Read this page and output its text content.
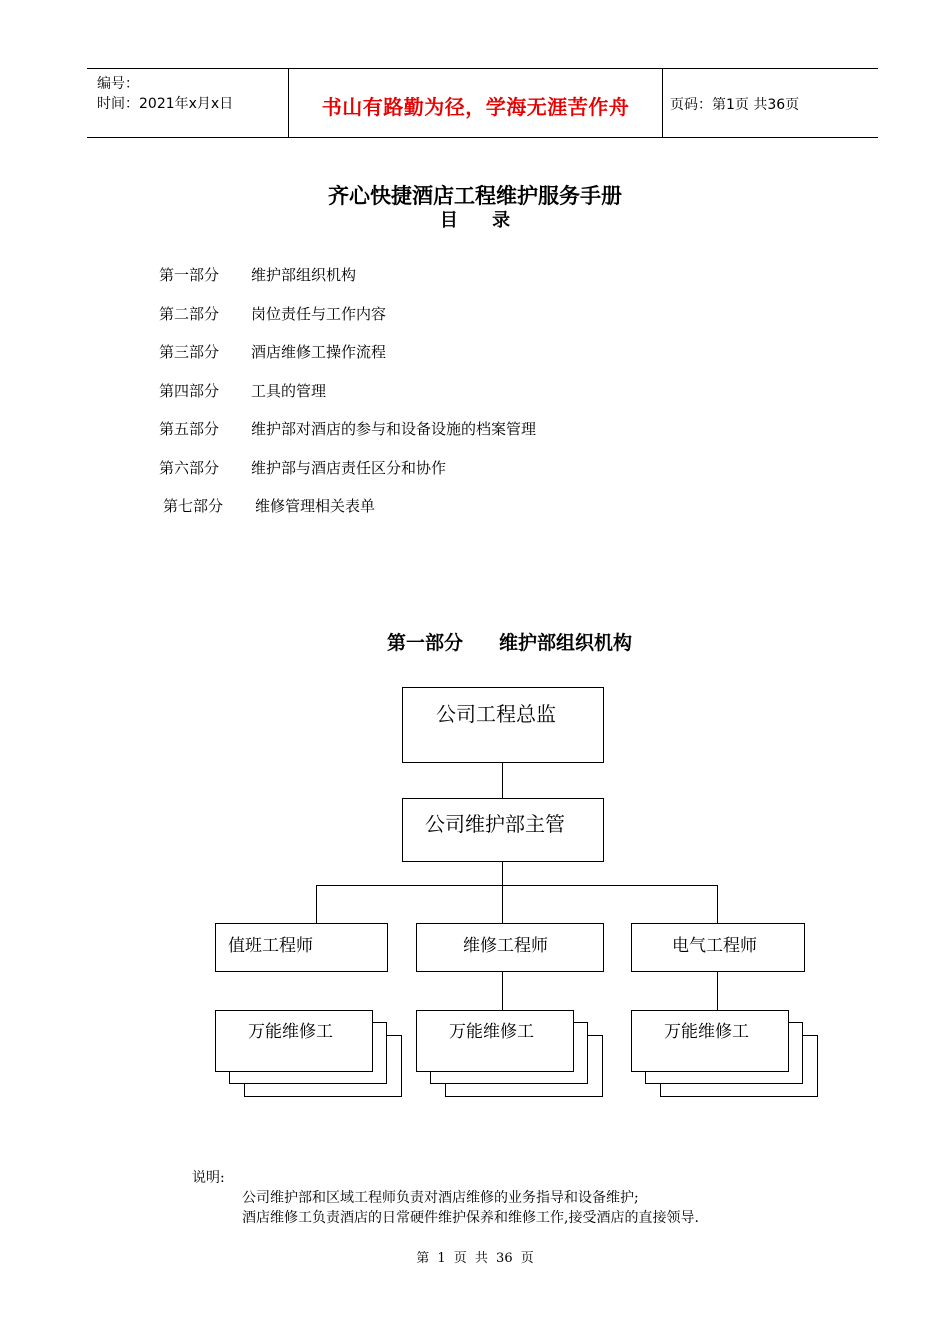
编号：
时间：2021年x月x日	书山有路勤为径，学海无涯苦作舟	页码：第1页 共36页
齐心快捷酒店工程维护服务手册
目 录
第一部分 维护部组织机构
第二部分 岗位责任与工作内容
第三部分 酒店维修工操作流程
第四部分 工具的管理
第五部分 维护部对酒店的参与和设备设施的档案管理
第六部分 维护部与酒店责任区分和协作
第七部分 维修管理相关表单
第一部分 维护部组织机构
公司工程总监
公司维护部主管
值班工程师	维修工程师	电气工程师
万能维修工	万能维修工	万能维修工
说明:
公司维护部和区域工程师负责对酒店维修的业务指导和设备维护;
酒店维修工负责酒店的日常硬件维护保养和维修工作,接受酒店的直接领导.
第 1 页 共 36 页
